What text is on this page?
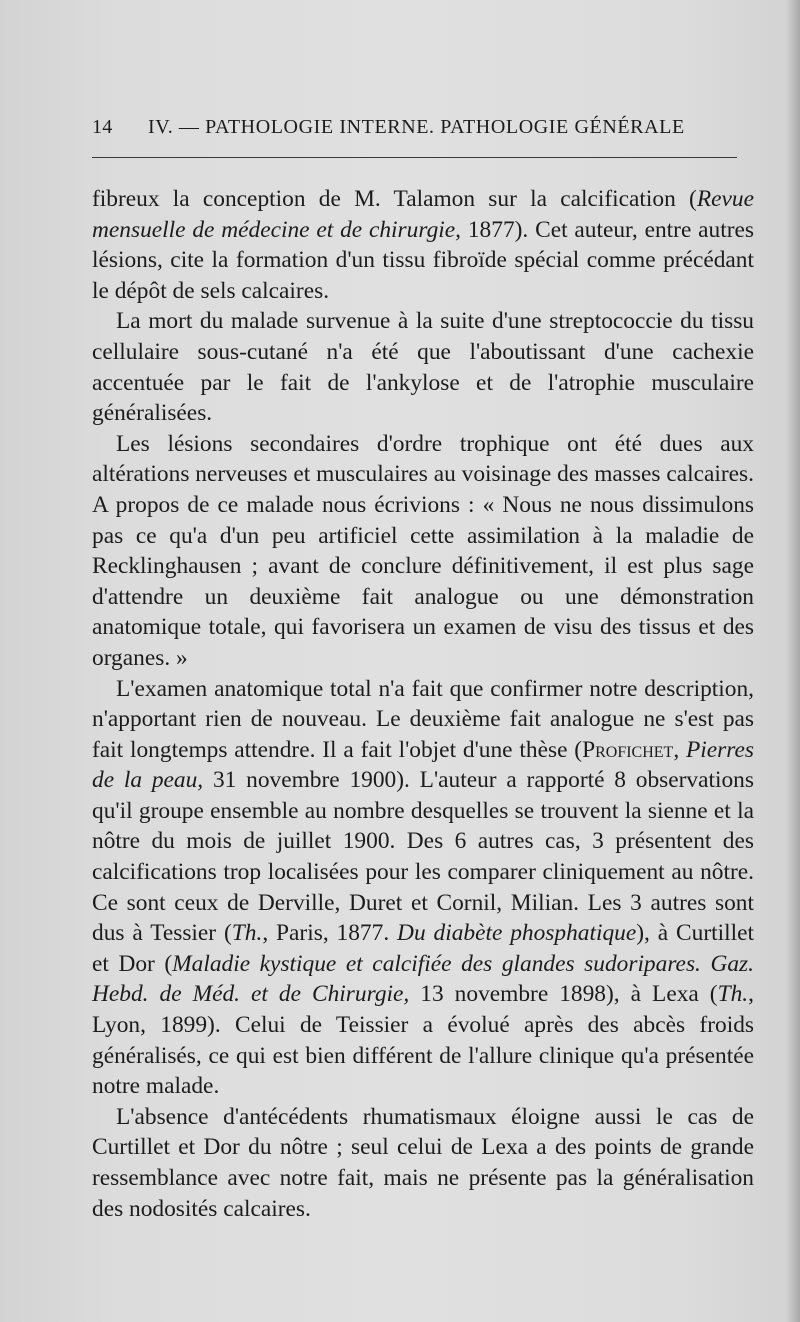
14 IV. — PATHOLOGIE INTERNE. PATHOLOGIE GÉNÉRALE

fibreux la conception de M. Talamon sur la calcification (Revue mensuelle de médecine et de chirurgie, 1877). Cet auteur, entre autres lésions, cite la formation d'un tissu fibroïde spécial comme précédant le dépôt de sels calcaires.

La mort du malade survenue à la suite d'une streptococcie du tissu cellulaire sous-cutané n'a été que l'aboutissant d'une cachexie accentuée par le fait de l'ankylose et de l'atrophie musculaire généralisées.

Les lésions secondaires d'ordre trophique ont été dues aux altérations nerveuses et musculaires au voisinage des masses calcaires. A propos de ce malade nous écrivions : « Nous ne nous dissimulons pas ce qu'a d'un peu artificiel cette assimilation à la maladie de Recklinghausen ; avant de conclure définitivement, il est plus sage d'attendre un deuxième fait analogue ou une démonstration anatomique totale, qui favorisera un examen de visu des tissus et des organes. »

L'examen anatomique total n'a fait que confirmer notre description, n'apportant rien de nouveau. Le deuxième fait analogue ne s'est pas fait longtemps attendre. Il a fait l'objet d'une thèse (Proficнет, Pierres de la peau, 31 novembre 1900). L'auteur a rapporté 8 observations qu'il groupe ensemble au nombre desquelles se trouvent la sienne et la nôtre du mois de juillet 1900. Des 6 autres cas, 3 présentent des calcifications trop localisées pour les comparer cliniquement au nôtre. Ce sont ceux de Derville, Duret et Cornil, Milian. Les 3 autres sont dus à Tessier (Th., Paris, 1877. Du diabète phosphatique), à Curtillet et Dor (Maladie kystique et calcifiée des glandes sudoripares. Gaz. Hebd. de Méd. et de Chirurgie, 13 novembre 1898), à Lexa (Th., Lyon, 1899). Celui de Teissier a évolué après des abcès froids généralisés, ce qui est bien différent de l'allure clinique qu'a présentée notre malade.

L'absence d'antécédents rhumatismaux éloigne aussi le cas de Curtillet et Dor du nôtre ; seul celui de Lexa a des points de grande ressemblance avec notre fait, mais ne présente pas la généralisation des nodosités calcaires.
